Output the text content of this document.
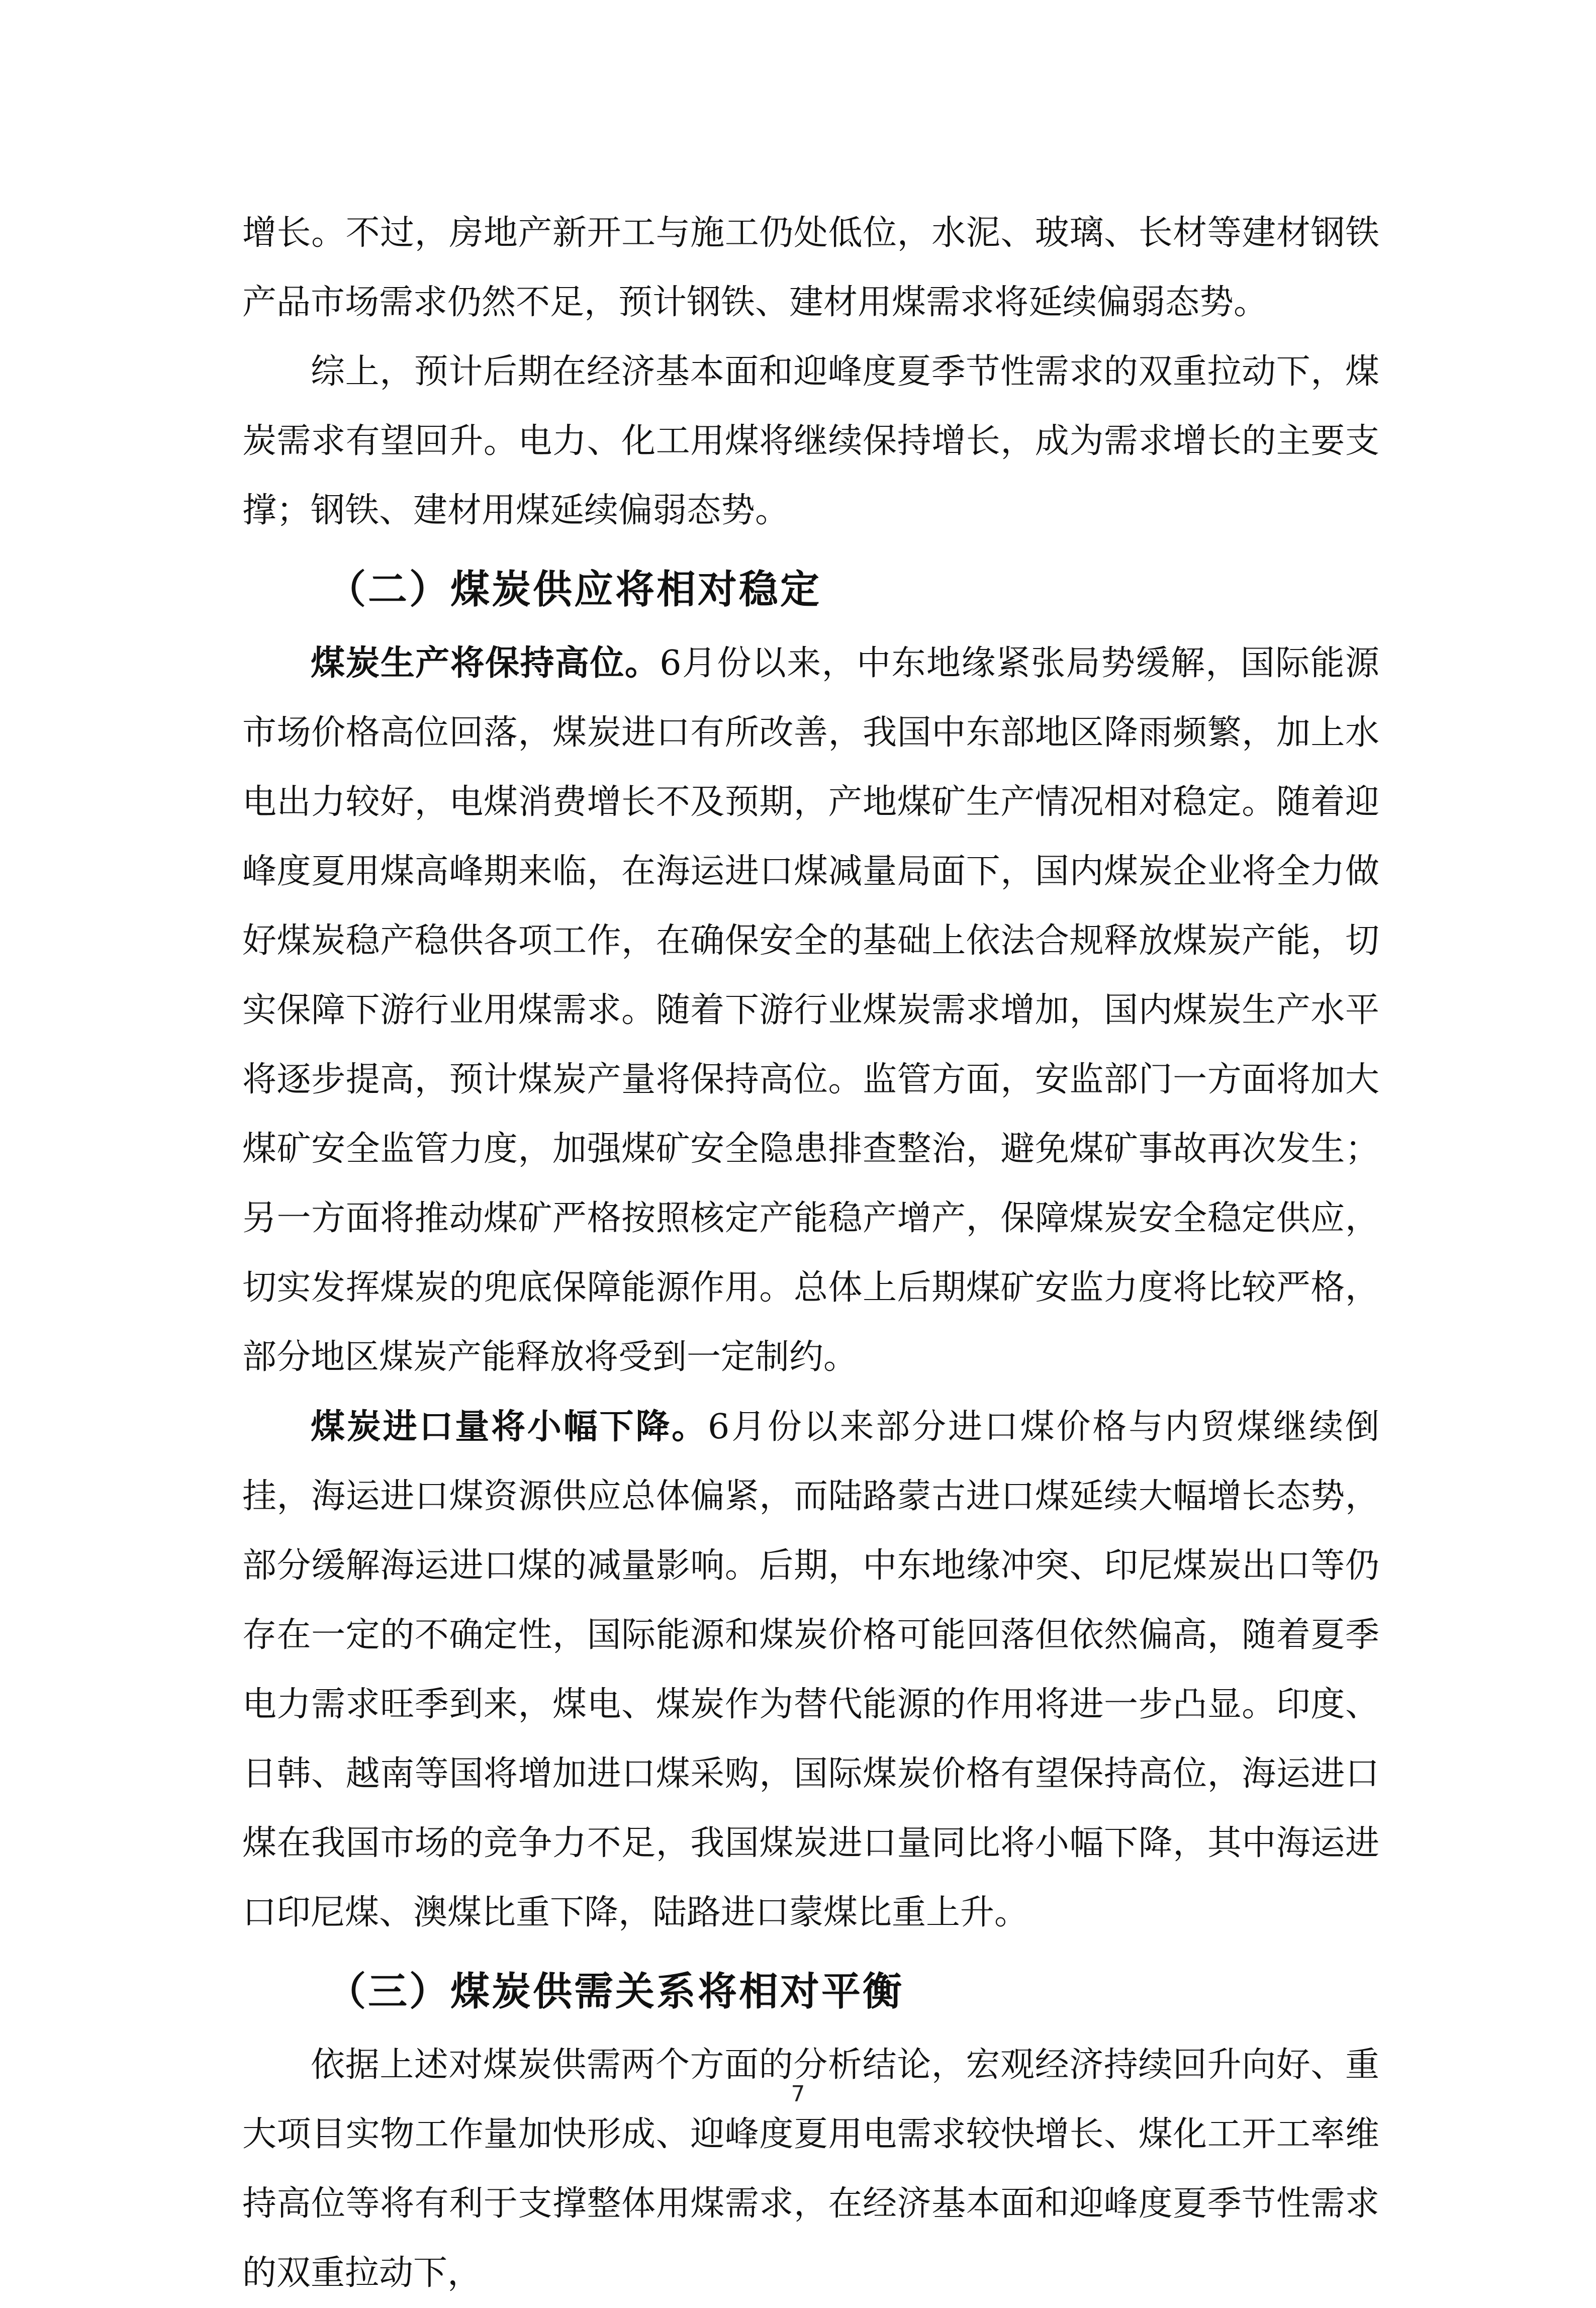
增长。不过，房地产新开工与施工仍处低位，水泥、玻璃、长材等建材钢铁产品市场需求仍然不足，预计钢铁、建材用煤需求将延续偏弱态势。

综上，预计后期在经济基本面和迎峰度夏季节性需求的双重拉动下，煤炭需求有望回升。电力、化工用煤将继续保持增长，成为需求增长的主要支撑；钢铁、建材用煤延续偏弱态势。

（二）煤炭供应将相对稳定

煤炭生产将保持高位。6月份以来，中东地缘紧张局势缓解，国际能源市场价格高位回落，煤炭进口有所改善，我国中东部地区降雨频繁，加上水电出力较好，电煤消费增长不及预期，产地煤矿生产情况相对稳定。随着迎峰度夏用煤高峰期来临，在海运进口煤减量局面下，国内煤炭企业将全力做好煤炭稳产稳供各项工作，在确保安全的基础上依法合规释放煤炭产能，切实保障下游行业用煤需求。随着下游行业煤炭需求增加，国内煤炭生产水平将逐步提高，预计煤炭产量将保持高位。监管方面，安监部门一方面将加大煤矿安全监管力度，加强煤矿安全隐患排查整治，避免煤矿事故再次发生；另一方面将推动煤矿严格按照核定产能稳产增产，保障煤炭安全稳定供应，切实发挥煤炭的兜底保障能源作用。总体上后期煤矿安监力度将比较严格，部分地区煤炭产能释放将受到一定制约。

煤炭进口量将小幅下降。6月份以来部分进口煤价格与内贸煤继续倒挂，海运进口煤资源供应总体偏紧，而陆路蒙古进口煤延续大幅增长态势，部分缓解海运进口煤的减量影响。后期，中东地缘冲突、印尼煤炭出口等仍存在一定的不确定性，国际能源和煤炭价格可能回落但依然偏高，随着夏季电力需求旺季到来，煤电、煤炭作为替代能源的作用将进一步凸显。印度、日韩、越南等国将增加进口煤采购，国际煤炭价格有望保持高位，海运进口煤在我国市场的竞争力不足，我国煤炭进口量同比将小幅下降，其中海运进口印尼煤、澳煤比重下降，陆路进口蒙煤比重上升。

（三）煤炭供需关系将相对平衡

依据上述对煤炭供需两个方面的分析结论，宏观经济持续回升向好、重大项目实物工作量加快形成、迎峰度夏用电需求较快增长、煤化工开工率维持高位等将有利于支撑整体用煤需求，在经济基本面和迎峰度夏季节性需求的双重拉动下，

7
